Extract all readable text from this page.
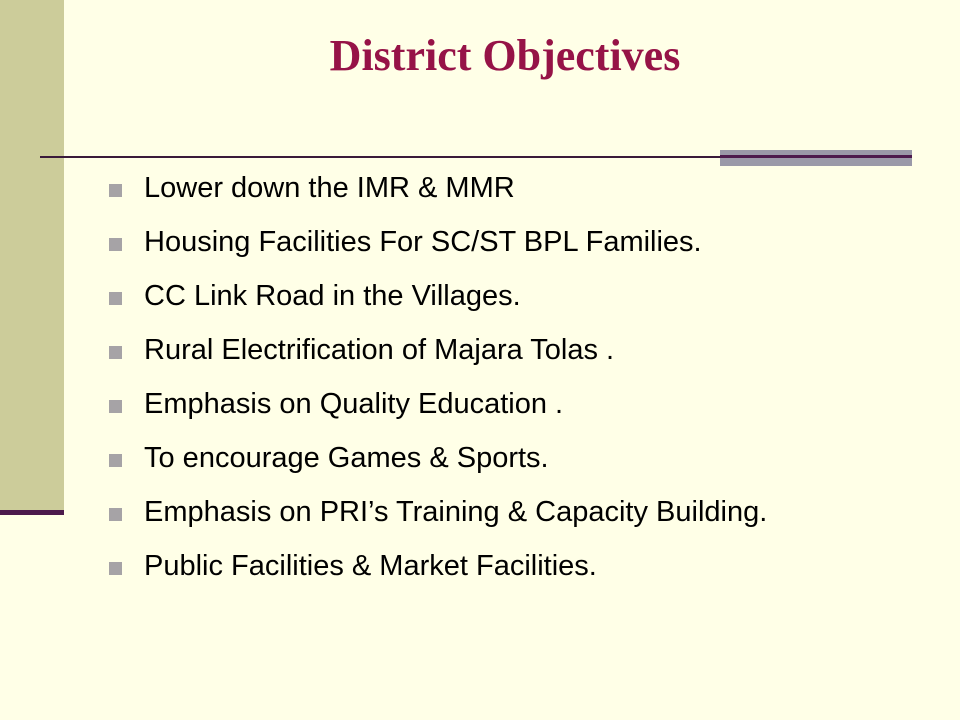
District Objectives
Lower down the IMR & MMR
Housing Facilities For SC/ST BPL Families.
CC Link Road in the Villages.
Rural Electrification of Majara Tolas .
Emphasis on Quality Education .
To encourage Games & Sports.
Emphasis on PRI’s Training & Capacity Building.
Public Facilities & Market Facilities.
